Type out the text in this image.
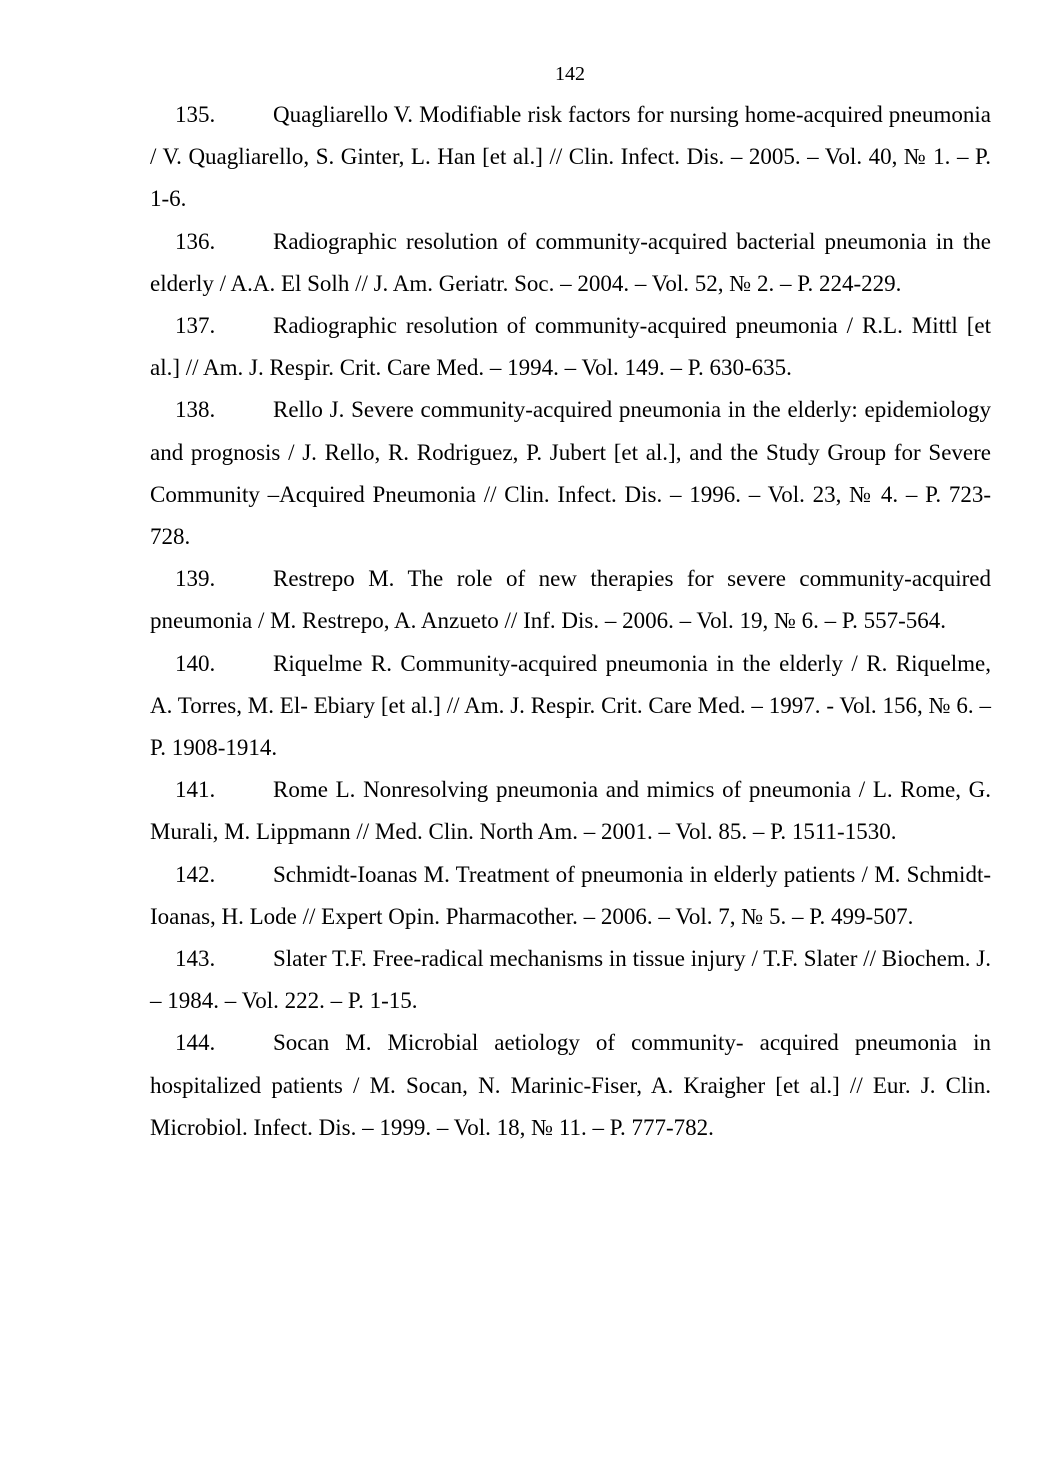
142
135.	Quagliarello V. Modifiable risk factors for nursing home-acquired pneumonia / V. Quagliarello, S. Ginter, L. Han [et al.] // Clin. Infect. Dis. – 2005. – Vol. 40, № 1. – P. 1-6.
136.	Radiographic resolution of community-acquired bacterial pneumonia in the elderly / A.A. El Solh // J. Am. Geriatr. Soc. – 2004. – Vol. 52, № 2. – P. 224-229.
137.	Radiographic resolution of community-acquired pneumonia / R.L. Mittl [et al.] // Am. J. Respir. Crit. Care Med. – 1994. – Vol. 149. – P. 630-635.
138.	Rello J. Severe community-acquired pneumonia in the elderly: epidemiology and prognosis / J. Rello, R. Rodriguez, P. Jubert [et al.], and the Study Group for Severe Community –Acquired Pneumonia // Clin. Infect. Dis. – 1996. – Vol. 23, № 4. – P. 723-728.
139.	Restrepo M. The role of new therapies for severe community-acquired pneumonia / M. Restrepo, A. Anzueto // Inf. Dis. – 2006. – Vol. 19, № 6. – P. 557-564.
140.	Riquelme R. Community-acquired pneumonia in the elderly / R. Riquelme, A. Torres, M. El- Ebiary [et al.] // Am. J. Respir. Crit. Care Med. – 1997. - Vol. 156, № 6. – P. 1908-1914.
141.	Rome L. Nonresolving pneumonia and mimics of pneumonia / L. Rome, G. Murali, M. Lippmann // Med. Clin. North Am. – 2001. – Vol. 85. – P. 1511-1530.
142.	Schmidt-Ioanas M. Treatment of pneumonia in elderly patients / M. Schmidt-Ioanas, H. Lode // Expert Opin. Pharmacother. – 2006. – Vol. 7, № 5. – P. 499-507.
143.	Slater T.F. Free-radical mechanisms in tissue injury / T.F. Slater // Biochem. J. – 1984. – Vol. 222. – P. 1-15.
144.	Socan M. Microbial aetiology of community- acquired pneumonia in hospitalized patients / M. Socan, N. Marinic-Fiser, A. Kraigher [et al.] // Eur. J. Clin. Microbiol. Infect. Dis. – 1999. – Vol. 18, № 11. – P. 777-782.
